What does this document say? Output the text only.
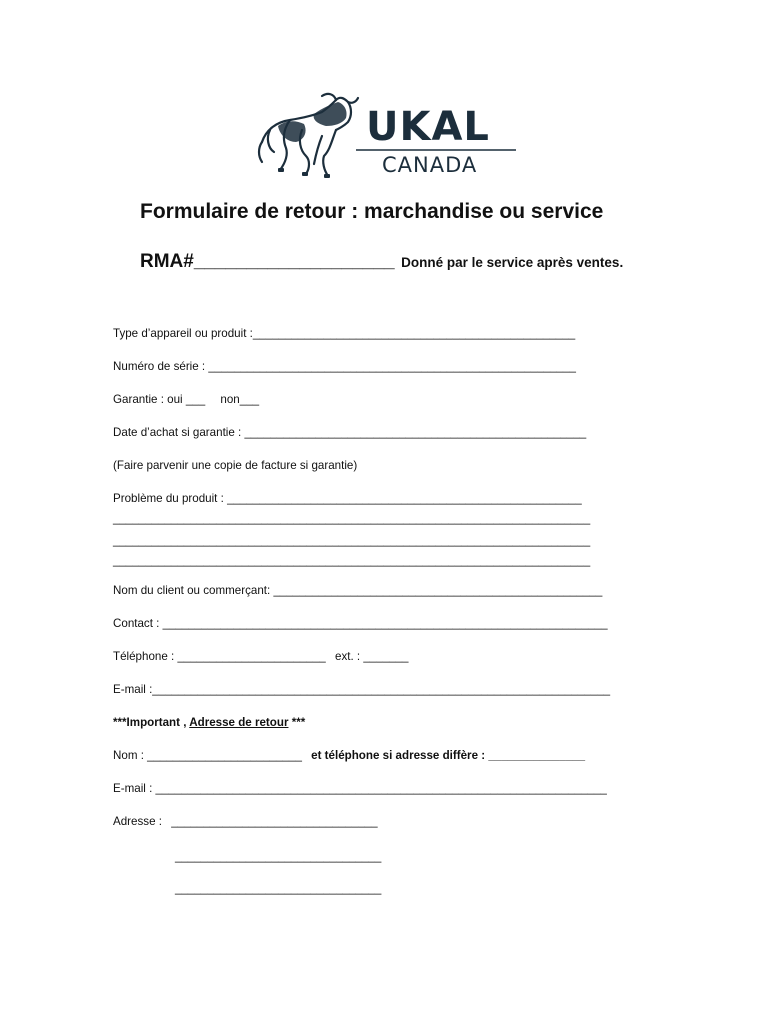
UKAL
CANADA
Formulaire de retour : marchandise ou service
RMA#___________________ Donné par le service après ventes.
Type d’appareil ou produit :__________________________________________________
Numéro de série : _________________________________________________________
Garantie : oui ___ non___
Date d’achat si garantie : _____________________________________________________
(Faire parvenir une copie de facture si garantie)
Problème du produit : _______________________________________________________
__________________________________________________________________________
__________________________________________________________________________
__________________________________________________________________________
Nom du client ou commerçant: ___________________________________________________
Contact : _____________________________________________________________________
Téléphone : _______________________ ext. : _______
E-mail :_______________________________________________________________________
***Important , Adresse de retour ***
Nom : ________________________ et téléphone si adresse diffère : _______________
E-mail : ______________________________________________________________________
Adresse : ________________________________
________________________________
________________________________
